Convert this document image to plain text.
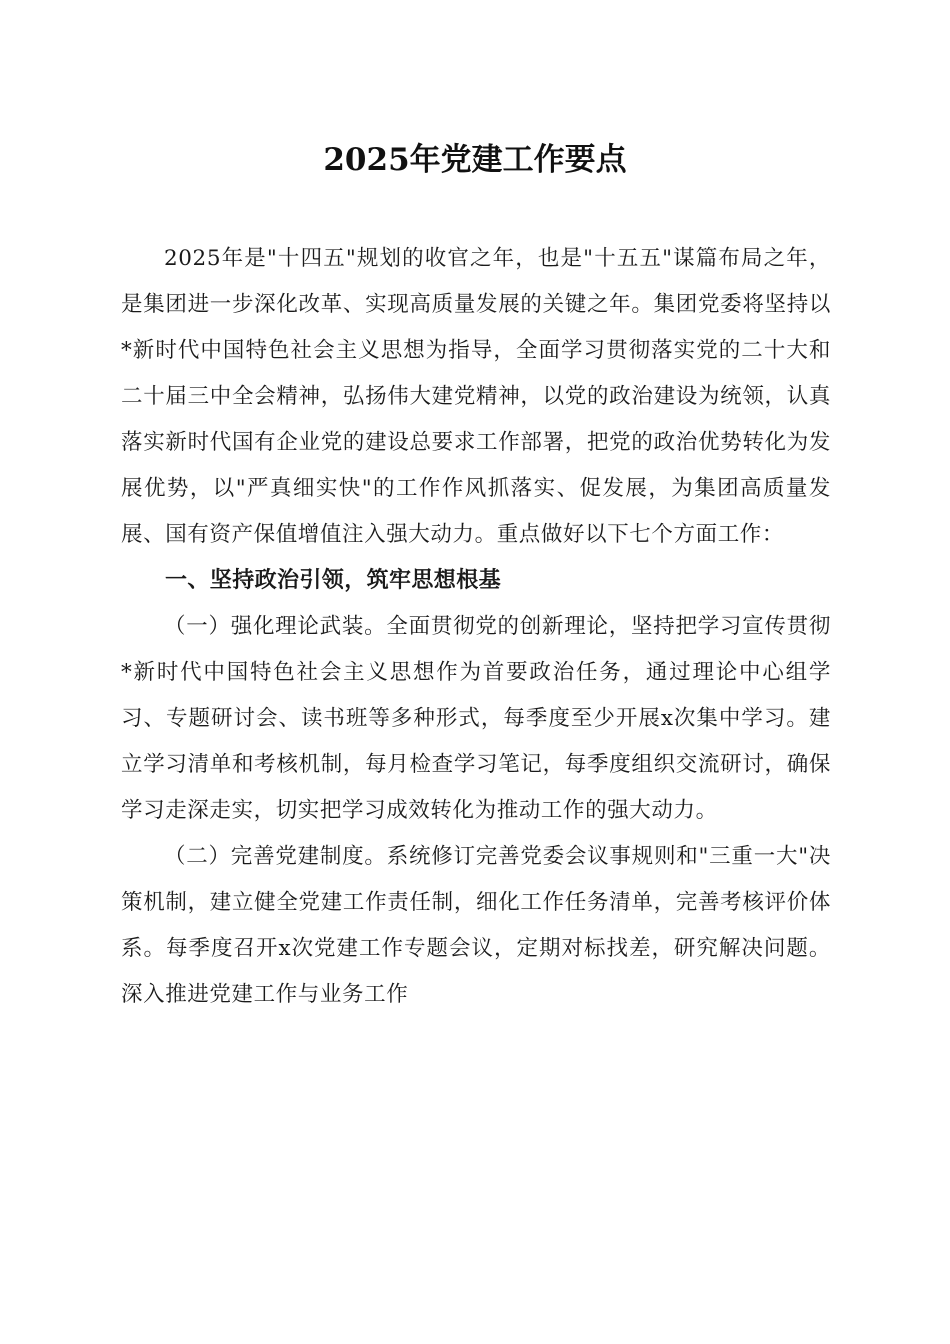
2025年党建工作要点

2025年是"十四五"规划的收官之年，也是"十五五"谋篇布局之年，是集团进一步深化改革、实现高质量发展的关键之年。集团党委将坚持以*新时代中国特色社会主义思想为指导，全面学习贯彻落实党的二十大和二十届三中全会精神，弘扬伟大建党精神，以党的政治建设为统领，认真落实新时代国有企业党的建设总要求工作部署，把党的政治优势转化为发展优势，以"严真细实快"的工作作风抓落实、促发展，为集团高质量发展、国有资产保值增值注入强大动力。重点做好以下七个方面工作：

一、坚持政治引领，筑牢思想根基

（一）强化理论武装。全面贯彻党的创新理论，坚持把学习宣传贯彻*新时代中国特色社会主义思想作为首要政治任务，通过理论中心组学习、专题研讨会、读书班等多种形式，每季度至少开展x次集中学习。建立学习清单和考核机制，每月检查学习笔记，每季度组织交流研讨，确保学习走深走实，切实把学习成效转化为推动工作的强大动力。

（二）完善党建制度。系统修订完善党委会议事规则和"三重一大"决策机制，建立健全党建工作责任制，细化工作任务清单，完善考核评价体系。每季度召开x次党建工作专题会议，定期对标找差，研究解决问题。深入推进党建工作与业务工作
